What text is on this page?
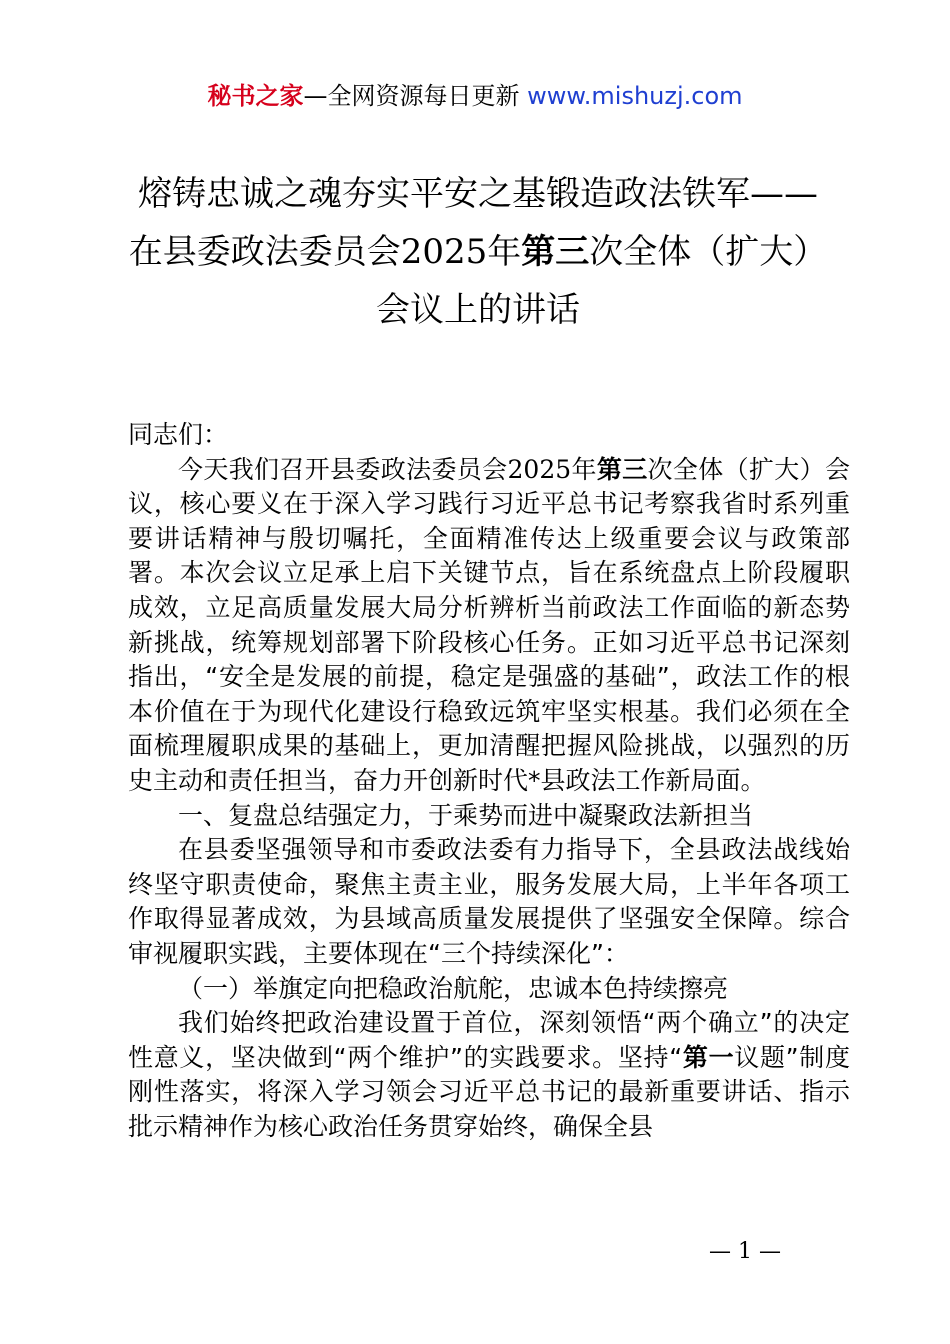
秘书之家—全网资源每日更新 www.mishuzj.com
熔铸忠诚之魂夯实平安之基锻造政法铁军——在县委政法委员会2025年第三次全体（扩大）会议上的讲话

同志们：

今天我们召开县委政法委员会2025年第三次全体（扩大）会议，核心要义在于深入学习践行习近平总书记考察我省时系列重要讲话精神与殷切嘱托，全面精准传达上级重要会议与政策部署。本次会议立足承上启下关键节点，旨在系统盘点上阶段履职成效，立足高质量发展大局分析辨析当前政法工作面临的新态势新挑战，统筹规划部署下阶段核心任务。正如习近平总书记深刻指出，“安全是发展的前提，稳定是强盛的基础”，政法工作的根本价值在于为现代化建设行稳致远筑牢坚实根基。我们必须在全面梳理履职成果的基础上，更加清醒把握风险挑战，以强烈的历史主动和责任担当，奋力开创新时代*县政法工作新局面。

一、复盘总结强定力，于乘势而进中凝聚政法新担当

在县委坚强领导和市委政法委有力指导下，全县政法战线始终坚守职责使命，聚焦主责主业，服务发展大局，上半年各项工作取得显著成效，为县域高质量发展提供了坚强安全保障。综合审视履职实践，主要体现在“三个持续深化”：

（一）举旗定向把稳政治航舵，忠诚本色持续擦亮

我们始终把政治建设置于首位，深刻领悟“两个确立”的决定性意义，坚决做到“两个维护”的实践要求。坚持“第一议题”制度刚性落实，将深入学习领会习近平总书记的最新重要讲话、指示批示精神作为核心政治任务贯穿始终，确保全县

— 1 —
